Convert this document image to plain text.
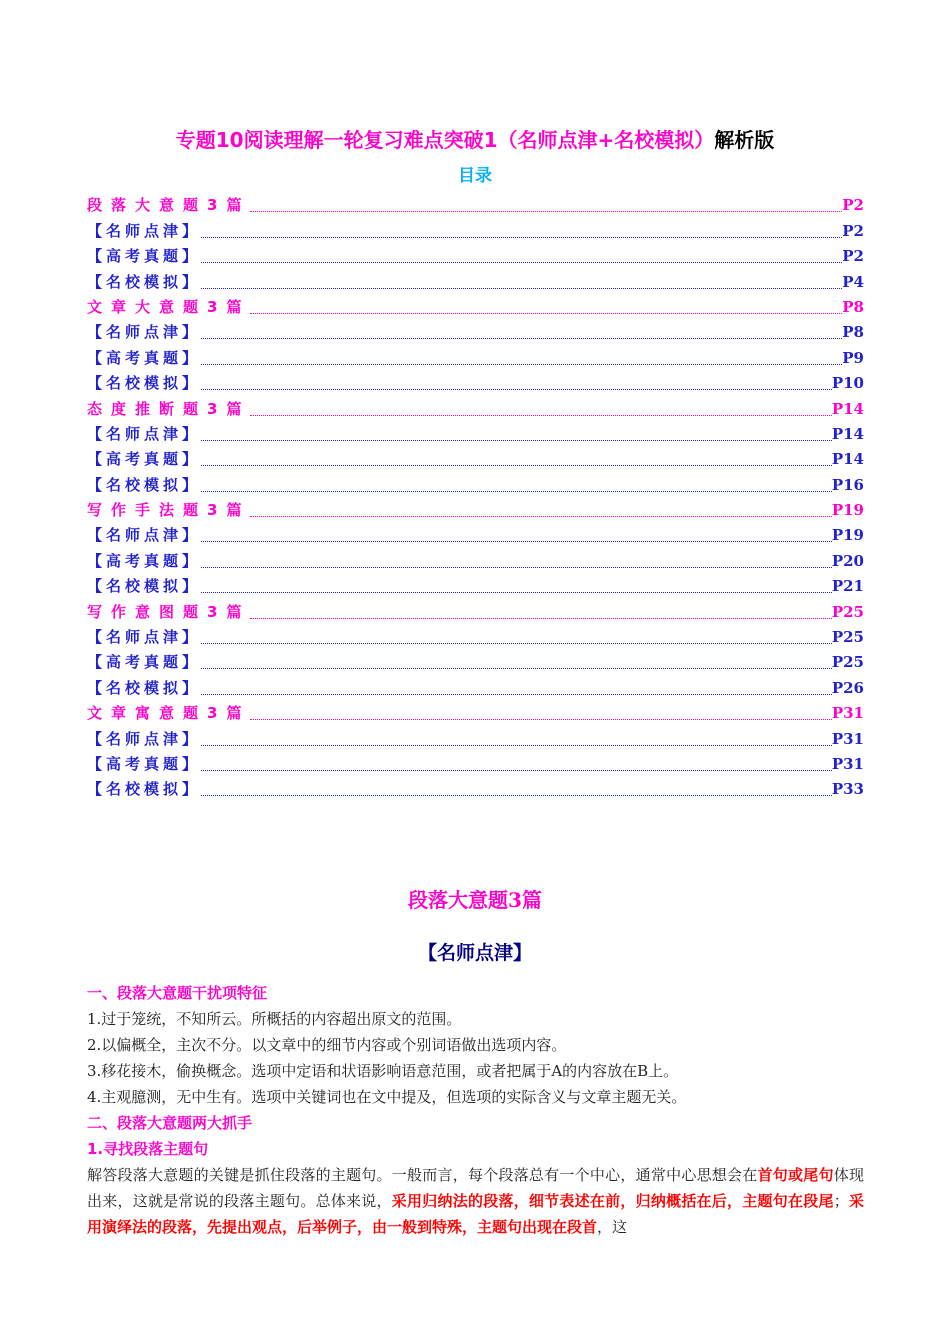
专题10阅读理解一轮复习难点突破1（名师点津+名校模拟）解析版
目录
段落大意题3篇	P2
【名师点津】	P2
【高考真题】	P2
【名校模拟】	P4
文章大意题3篇	P8
【名师点津】	P8
【高考真题】	P9
【名校模拟】	P10
态度推断题3篇	P14
【名师点津】	P14
【高考真题】	P14
【名校模拟】	P16
写作手法题3篇	P19
【名师点津】	P19
【高考真题】	P20
【名校模拟】	P21
写作意图题3篇	P25
【名师点津】	P25
【高考真题】	P25
【名校模拟】	P26
文章寓意题3篇	P31
【名师点津】	P31
【高考真题】	P31
【名校模拟】	P33
段落大意题3篇
【名师点津】
一、段落大意题干扰项特征
1.过于笼统，不知所云。所概括的内容超出原文的范围。
2.以偏概全，主次不分。以文章中的细节内容或个别词语做出选项内容。
3.移花接木，偷换概念。选项中定语和状语影响语意范围，或者把属于A的内容放在B上。
4.主观臆测，无中生有。选项中关键词也在文中提及，但选项的实际含义与文章主题无关。
二、段落大意题两大抓手
1.寻找段落主题句
解答段落大意题的关键是抓住段落的主题句。一般而言，每个段落总有一个中心，通常中心思想会在首句或尾句体现出来，这就是常说的段落主题句。总体来说，采用归纳法的段落，细节表述在前，归纳概括在后，主题句在段尾；采用演绎法的段落，先提出观点，后举例子，由一般到特殊，主题句出现在段首，这
